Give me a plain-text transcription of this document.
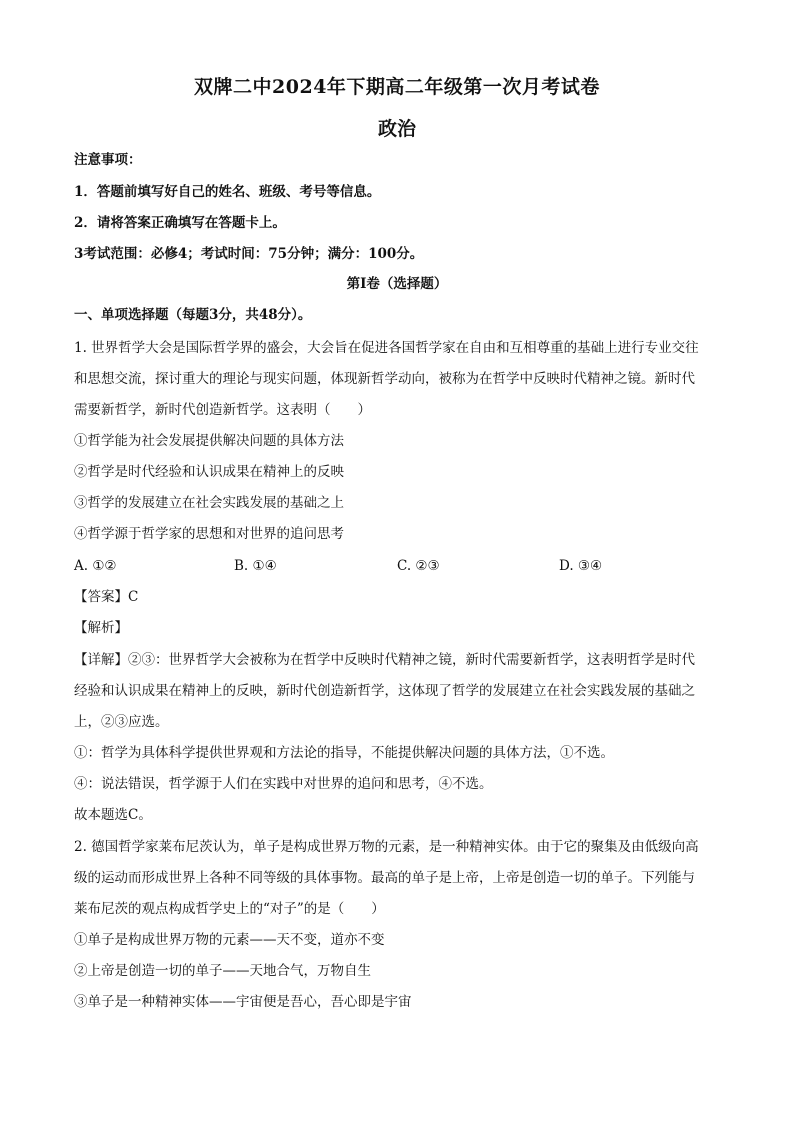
双牌二中2024年下期高二年级第一次月考试卷
政治
注意事项：
1．答题前填写好自己的姓名、班级、考号等信息。
2．请将答案正确填写在答题卡上。
3考试范围：必修4；考试时间：75分钟；满分：100分。
第I卷（选择题）
一、单项选择题（每题3分，共48分）。
1. 世界哲学大会是国际哲学界的盛会，大会旨在促进各国哲学家在自由和互相尊重的基础上进行专业交往
和思想交流，探讨重大的理论与现实问题，体现新哲学动向，被称为在哲学中反映时代精神之镜。新时代
需要新哲学，新时代创造新哲学。这表明（　　）
①哲学能为社会发展提供解决问题的具体方法
②哲学是时代经验和认识成果在精神上的反映
③哲学的发展建立在社会实践发展的基础之上
④哲学源于哲学家的思想和对世界的追问思考
A. ①②	B. ①④	C. ②③	D. ③④
【答案】C
【解析】
【详解】②③：世界哲学大会被称为在哲学中反映时代精神之镜，新时代需要新哲学，这表明哲学是时代
经验和认识成果在精神上的反映，新时代创造新哲学，这体现了哲学的发展建立在社会实践发展的基础之
上，②③应选。
①：哲学为具体科学提供世界观和方法论的指导，不能提供解决问题的具体方法，①不选。
④：说法错误，哲学源于人们在实践中对世界的追问和思考，④不选。
故本题选C。
2. 德国哲学家莱布尼茨认为，单子是构成世界万物的元素，是一种精神实体。由于它的聚集及由低级向高
级的运动而形成世界上各种不同等级的具体事物。最高的单子是上帝，上帝是创造一切的单子。下列能与
莱布尼茨的观点构成哲学史上的“对子”的是（　　）
①单子是构成世界万物的元素——天不变，道亦不变
②上帝是创造一切的单子——天地合气，万物自生
③单子是一种精神实体——宇宙便是吾心，吾心即是宇宙
